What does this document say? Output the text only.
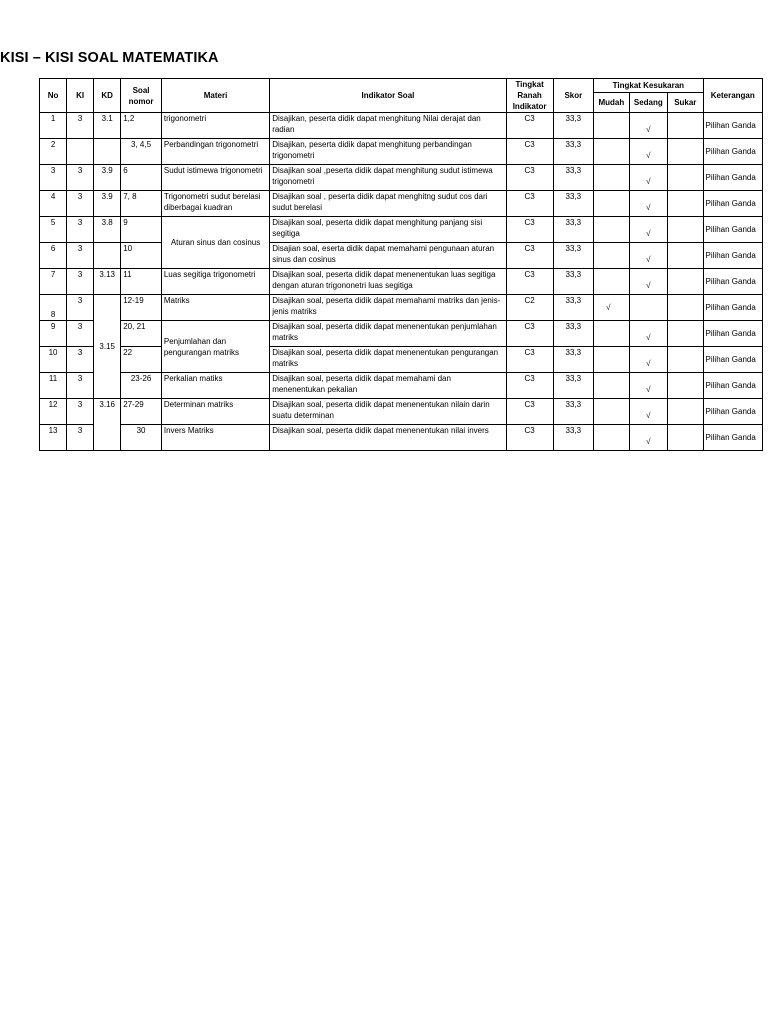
KISI – KISI SOAL MATEMATIKA
No	KI	KD	Soal nomor	Materi	Indikator Soal	Tingkat Ranah Indikator	Skor	Tingkat Kesukaran			Keterangan
								Mudah	Sedang	Sukar	
1	3	3.1	1,2	trigonometri	Disajikan, peserta didik dapat menghitung Nilai derajat dan radian	C3	33,3		√		Pilihan Ganda
2			3, 4,5	Perbandingan trigonometri	Disajikan, peserta didik dapat menghitung perbandingan trigonometri	C3	33,3		√		Pilihan Ganda
3	3	3.9	6	Sudut istimewa trigonometri	Disajikan soal ,peserta didik dapat menghitung sudut istimewa trigonometri	C3	33,3		√		Pilihan Ganda
4	3	3.9	7, 8	Trigonometri sudut berelasi diberbagai kuadran	Disajikan soal , peserta didik dapat menghitng sudut cos dari sudut berelasi	C3	33,3		√		Pilihan Ganda
5	3	3.8	9	Aturan sinus dan cosinus	Disajikan soal, peserta didik dapat menghitung panjang sisi segitiga	C3	33,3		√		Pilihan Ganda
6	3		10		Disajian soal, eserta didik dapat memahami pengunaan aturan sinus dan cosinus	C3	33,3		√		Pilihan Ganda
7	3	3.13	11	Luas segitiga trigonometri	Disajikan soal, peserta didik dapat menenentukan luas segitiga dengan aturan trigononetri luas segitiga	C3	33,3		√		Pilihan Ganda
8	3	3.15	12-19	Matriks	Disajikan soal, peserta didik dapat memahami matriks dan jenis-jenis matriks	C2	33,3	√			Pilihan Ganda
9	3		20, 21	Penjumlahan dan pengurangan matriks	Disajikan soal, peserta didik dapat menenentukan penjumlahan matriks	C3	33,3		√		Pilihan Ganda
10	3		22		Disajikan soal, peserta didik dapat menenentukan pengurangan matriks	C3	33,3		√		Pilihan Ganda
11	3		23-26	Perkalian matiks	Disajikan soal, peserta didik dapat memahami dan menenentukan pekalian	C3	33,3		√		Pilihan Ganda
12	3	3.16	27-29	Determinan matriks	Disajikan soal, peserta didik dapat menenentukan nilain darin suatu determinan	C3	33,3		√		Pilihan Ganda
13	3		30	Invers Matriks	Disajikan soal, peserta didik dapat menenentukan nilai invers	C3	33,3		√		Pilihan Ganda
